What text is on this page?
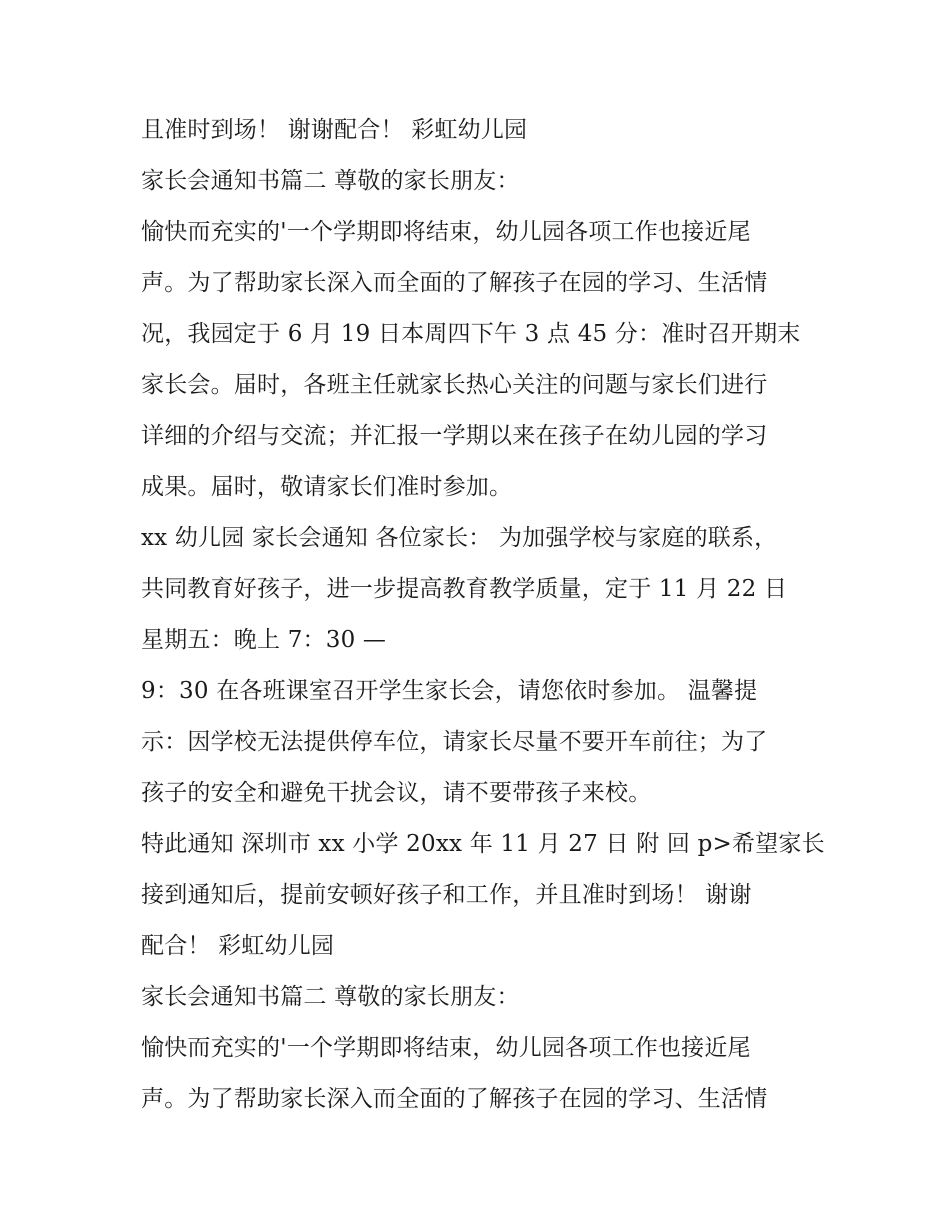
且准时到场！ 谢谢配合！ 彩虹幼儿园
家长会通知书篇二 尊敬的家长朋友：
愉快而充实的'一个学期即将结束，幼儿园各项工作也接近尾
声。为了帮助家长深入而全面的了解孩子在园的学习、生活情
况，我园定于 6 月 19 日本周四下午 3 点 45 分：准时召开期末
家长会。届时，各班主任就家长热心关注的问题与家长们进行
详细的介绍与交流；并汇报一学期以来在孩子在幼儿园的学习
成果。届时，敬请家长们准时参加。
xx 幼儿园 家长会通知 各位家长： 为加强学校与家庭的联系，
共同教育好孩子，进一步提高教育教学质量，定于 11 月 22 日
星期五：晚上 7：30 —
9：30 在各班课室召开学生家长会，请您依时参加。 温馨提
示：因学校无法提供停车位，请家长尽量不要开车前往；为了
孩子的安全和避免干扰会议，请不要带孩子来校。
特此通知 深圳市 xx 小学 20xx 年 11 月 27 日 附 回 p>希望家长
接到通知后，提前安顿好孩子和工作，并且准时到场！ 谢谢
配合！ 彩虹幼儿园
家长会通知书篇二 尊敬的家长朋友：
愉快而充实的'一个学期即将结束，幼儿园各项工作也接近尾
声。为了帮助家长深入而全面的了解孩子在园的学习、生活情
